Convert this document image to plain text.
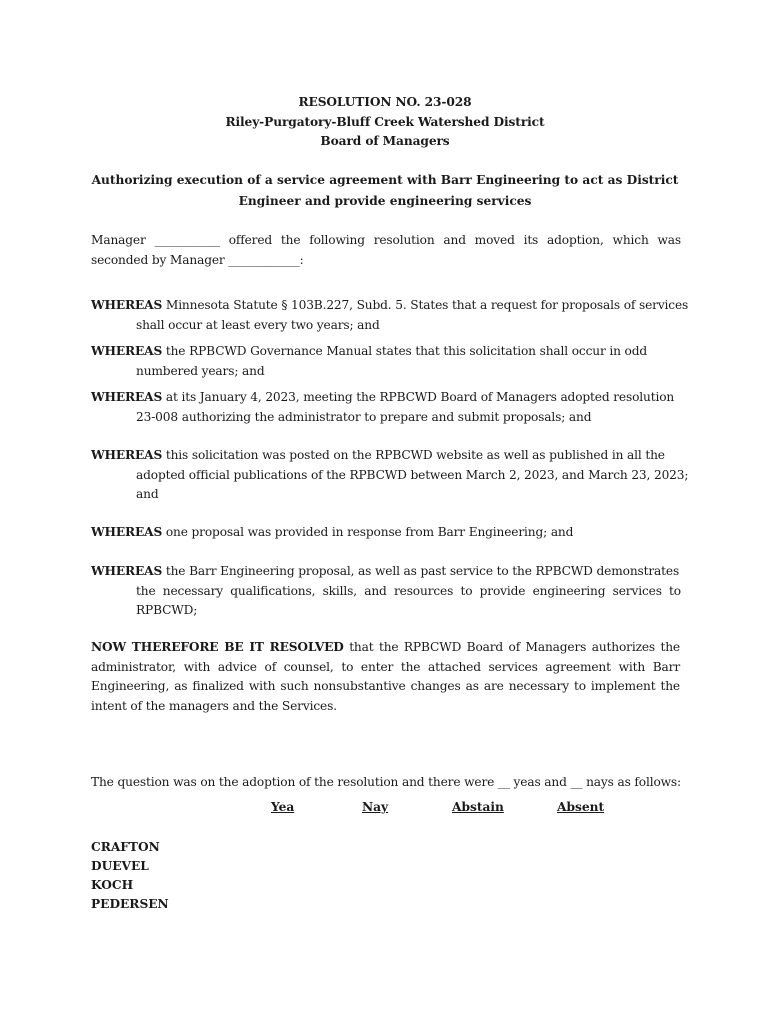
RESOLUTION NO. 23-028
Riley-Purgatory-Bluff Creek Watershed District
Board of Managers
Authorizing execution of a service agreement with Barr Engineering to act as District
Engineer and provide engineering services
Manager ___________ offered the following resolution and moved its adoption, which was
seconded by Manager ____________:
WHEREAS Minnesota Statute § 103B.227, Subd. 5. States that a request for proposals of services
shall occur at least every two years; and
WHEREAS the RPBCWD Governance Manual states that this solicitation shall occur in odd
numbered years; and
WHEREAS at its January 4, 2023, meeting the RPBCWD Board of Managers adopted resolution
23-008 authorizing the administrator to prepare and submit proposals; and
WHEREAS this solicitation was posted on the RPBCWD website as well as published in all the
adopted official publications of the RPBCWD between March 2, 2023, and March 23, 2023;
and
WHEREAS one proposal was provided in response from Barr Engineering; and
WHEREAS the Barr Engineering proposal, as well as past service to the RPBCWD demonstrates
the necessary qualifications, skills, and resources to provide engineering services to
RPBCWD;
NOW THEREFORE BE IT RESOLVED that the RPBCWD Board of Managers authorizes the
administrator, with advice of counsel, to enter the attached services agreement with Barr
Engineering, as finalized with such nonsubstantive changes as are necessary to implement the
intent of the managers and the Services.
The question was on the adoption of the resolution and there were __ yeas and __ nays as follows:
Yea	Nay	Abstain	Absent
CRAFTON
DUEVEL
KOCH
PEDERSEN
